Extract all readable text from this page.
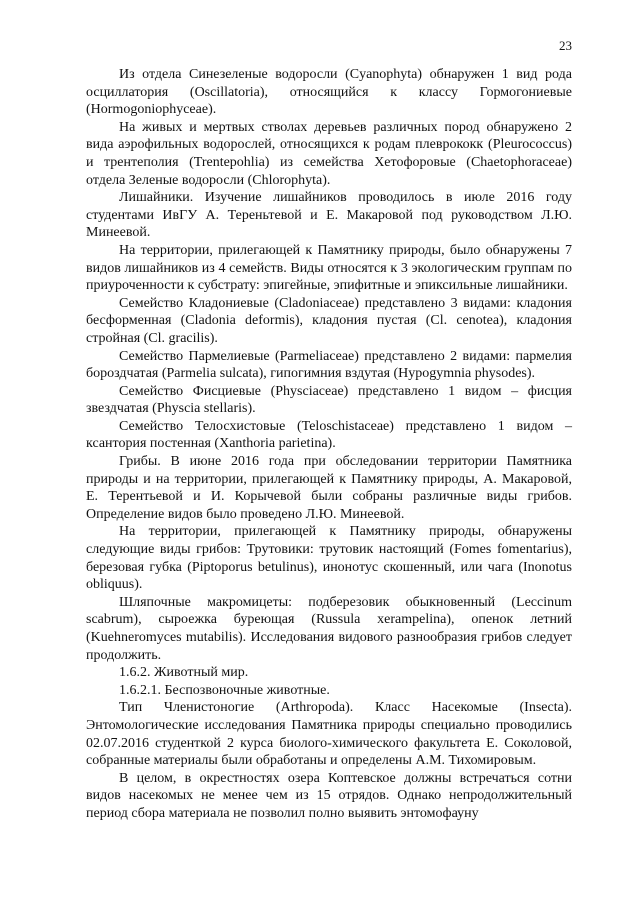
23

Из отдела Синезеленые водоросли (Cyanophyta) обнаружен 1 вид рода осциллатория (Oscillatoria), относящийся к классу Гормогониевые (Hormogoniophyceae).

На живых и мертвых стволах деревьев различных пород обнаружено 2 вида аэрофильных водорослей, относящихся к родам плеврококк (Pleurococcus) и трентеполия (Trentepohlia) из семейства Хетофоровые (Chaetophoraceae) отдела Зеленые водоросли (Chlorophyta).

Лишайники. Изучение лишайников проводилось в июле 2016 году студентами ИвГУ А. Тереньтевой и Е. Макаровой под руководством Л.Ю. Минеевой.

На территории, прилегающей к Памятнику природы, было обнаружены 7 видов лишайников из 4 семейств. Виды относятся к 3 экологическим группам по приуроченности к субстрату: эпигейные, эпифитные и эпиксильные лишайники.

Семейство Кладониевые (Cladoniaceae) представлено 3 видами: кладония бесформенная (Cladonia deformis), кладония пустая (Cl. cenotea), кладония стройная (Cl. gracilis).

Семейство Пармелиевые (Parmeliaceae) представлено 2 видами: пармелия бороздчатая (Parmelia sulcata), гипогимния вздутая (Hypogymnia physodes).

Семейство Фисциевые (Physciaceae) представлено 1 видом – фисция звездчатая (Physcia stellaris).

Семейство Телосхистовые (Teloschistaceae) представлено 1 видом – ксантория постенная (Xanthoria parietina).

Грибы. В июне 2016 года при обследовании территории Памятника природы и на территории, прилегающей к Памятнику природы, А. Макаровой, Е. Терентьевой и И. Корычевой были собраны различные виды грибов. Определение видов было проведено Л.Ю. Минеевой.

На территории, прилегающей к Памятнику природы, обнаружены следующие виды грибов: Трутовики: трутовик настоящий (Fomes fomentarius), березовая губка (Piptoporus betulinus), инонотус скошенный, или чага (Inonotus obliquus).

Шляпочные макромицеты: подберезовик обыкновенный (Leccinum scabrum), сыроежка буреющая (Russula xerampelina), опенок летний (Kuehneromyces mutabilis). Исследования видового разнообразия грибов следует продолжить.

1.6.2. Животный мир.

1.6.2.1. Беспозвоночные животные.

Тип Членистоногие (Arthropoda). Класс Насекомые (Insecta). Энтомологические исследования Памятника природы специально проводились 02.07.2016 студенткой 2 курса биолого-химического факультета Е. Соколовой, собранные материалы были обработаны и определены А.М. Тихомировым.

В целом, в окрестностях озера Коптевское должны встречаться сотни видов насекомых не менее чем из 15 отрядов. Однако непродолжительный период сбора материала не позволил полно выявить энтомофауну
